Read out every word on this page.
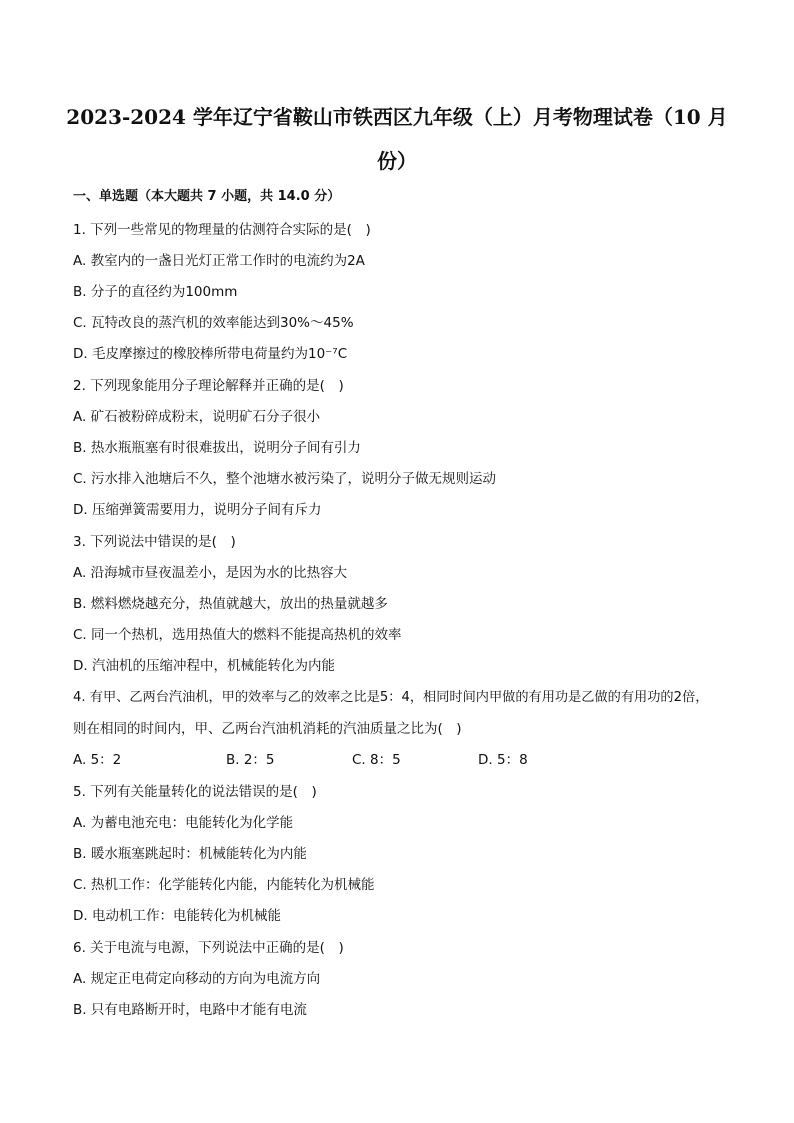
2023-2024 学年辽宁省鞍山市铁西区九年级（上）月考物理试卷（10 月
份）
一、单选题（本大题共 7 小题，共 14.0 分）
1. 下列一些常见的物理量的估测符合实际的是(　)
A. 教室内的一盏日光灯正常工作时的电流约为2A
B. 分子的直径约为100mm
C. 瓦特改良的蒸汽机的效率能达到30%～45%
D. 毛皮摩擦过的橡胶棒所带电荷量约为10⁻⁷C
2. 下列现象能用分子理论解释并正确的是(　)
A. 矿石被粉碎成粉末，说明矿石分子很小
B. 热水瓶瓶塞有时很难拔出，说明分子间有引力
C. 污水排入池塘后不久，整个池塘水被污染了，说明分子做无规则运动
D. 压缩弹簧需要用力，说明分子间有斥力
3. 下列说法中错误的是(　)
A. 沿海城市昼夜温差小，是因为水的比热容大
B. 燃料燃烧越充分，热值就越大，放出的热量就越多
C. 同一个热机，选用热值大的燃料不能提高热机的效率
D. 汽油机的压缩冲程中，机械能转化为内能
4. 有甲、乙两台汽油机，甲的效率与乙的效率之比是5：4，相同时间内甲做的有用功是乙做的有用功的2倍，
则在相同的时间内，甲、乙两台汽油机消耗的汽油质量之比为(　)
A. 5：2	B. 2：5	C. 8：5	D. 5：8
5. 下列有关能量转化的说法错误的是(　)
A. 为蓄电池充电：电能转化为化学能
B. 暖水瓶塞跳起时：机械能转化为内能
C. 热机工作：化学能转化内能，内能转化为机械能
D. 电动机工作：电能转化为机械能
6. 关于电流与电源，下列说法中正确的是(　)
A. 规定正电荷定向移动的方向为电流方向
B. 只有电路断开时，电路中才能有电流
